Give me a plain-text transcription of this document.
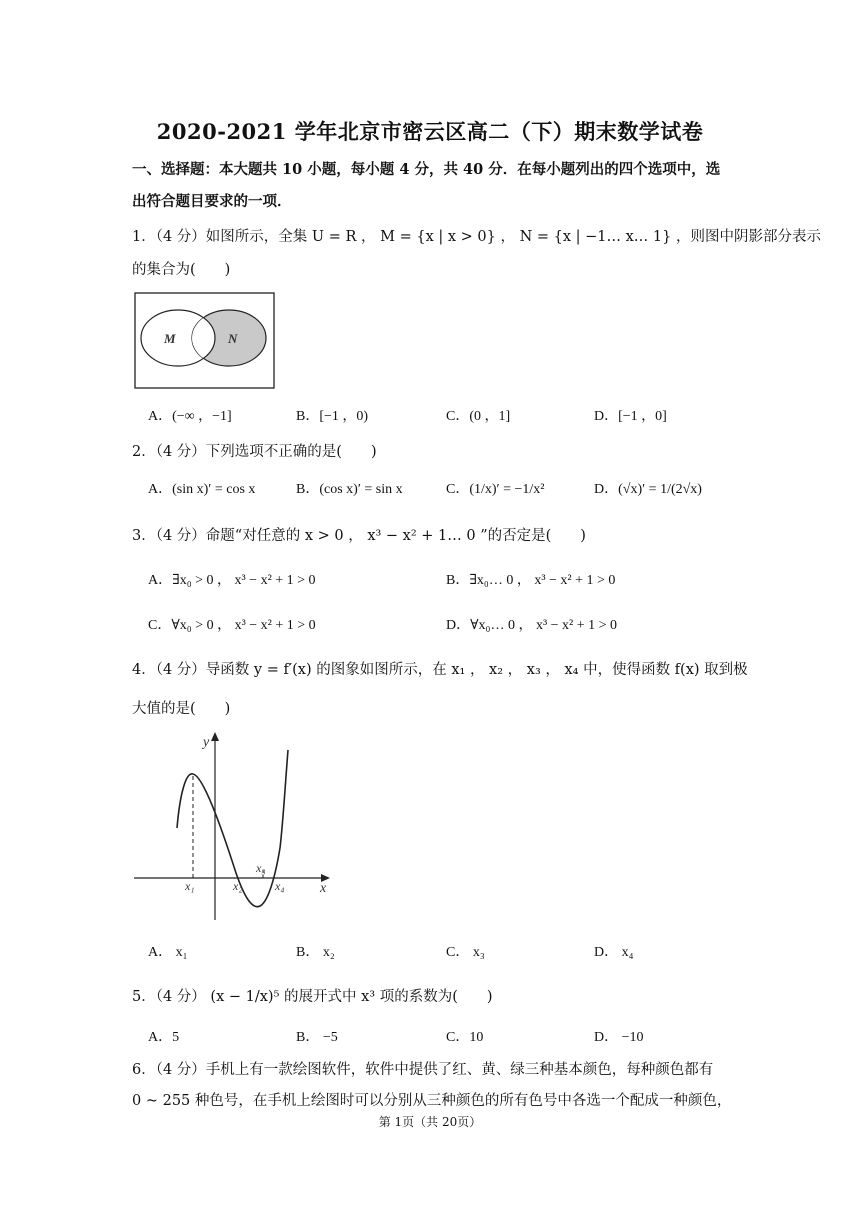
2020-2021 学年北京市密云区高二（下）期末数学试卷
一、选择题：本大题共 10 小题，每小题 4 分，共 40 分．在每小题列出的四个选项中，选
出符合题目要求的一项．
1．（4 分）如图所示，全集 U = R ， M = {x | x > 0} ， N = {x | −1… x… 1} ，则图中阴影部分表示
的集合为(　　)
M	N
A．(−∞ ，−1]	B．[−1 ，0)	C．(0 ，1]	D．[−1 ，0]
2．（4 分）下列选项不正确的是(　　)
A．(sin x)′ = cos x	B．(cos x)′ = sin x	C．(1/x)′ = −1/x²	D．(√x)′ = 1/(2√x)
3．（4 分）命题“对任意的 x > 0 ， x³ − x² + 1… 0 ”的否定是(　　)
A．∃x₀ > 0 ， x³ − x² + 1 > 0	B．∃x₀… 0 ， x³ − x² + 1 > 0
C．∀x₀ > 0 ， x³ − x² + 1 > 0	D．∀x₀… 0 ， x³ − x² + 1 > 0
4．（4 分）导函数 y = f′(x) 的图象如图所示，在 x₁ ， x₂ ， x₃ ， x₄ 中，使得函数 f(x) 取到极
大值的是(　　)
y
x
x₁	x₂
x₃
x₄
A． x₁	B． x₂	C． x₃	D． x₄
5．（4 分） (x − 1/x)⁵ 的展开式中 x³ 项的系数为(　　)
A．5	B． −5	C．10	D． −10
6．（4 分）手机上有一款绘图软件，软件中提供了红、黄、绿三种基本颜色，每种颜色都有
0 ~ 255 种色号，在手机上绘图时可以分别从三种颜色的所有色号中各选一个配成一种颜色，
第 1页（共 20页）
